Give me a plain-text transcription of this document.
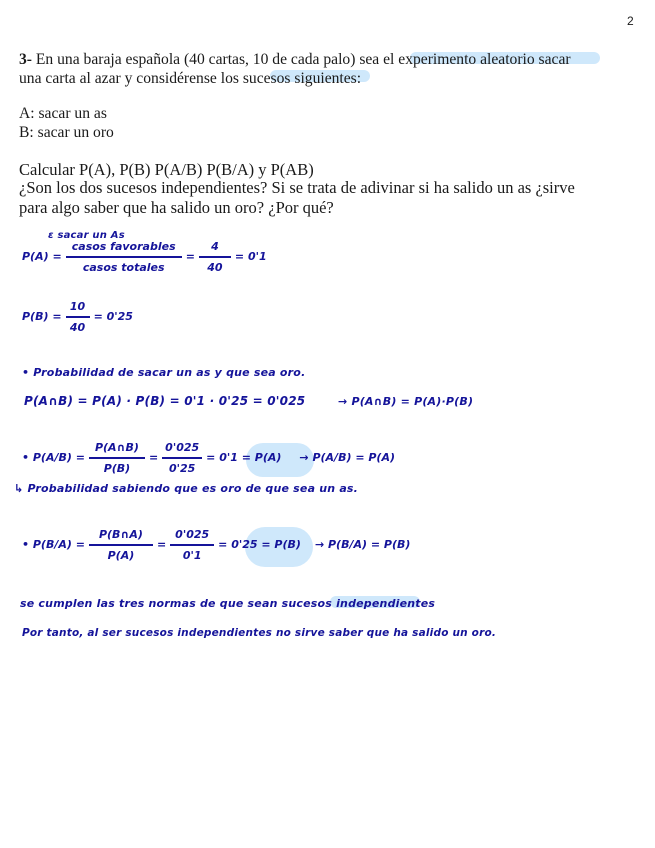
2
3- En una baraja española (40 cartas, 10 de cada palo) sea el experimento aleatorio sacar
una carta al azar y considérense los sucesos siguientes:
A: sacar un as
B: sacar un oro
Calcular P(A), P(B) P(A/B) P(B/A) y P(AB)
¿Son los dos sucesos independientes? Si se trata de adivinar si ha salido un as ¿sirve
para algo saber que ha salido un oro? ¿Por qué?
ε sacar un As
$P(A) = \frac{\text{casos favorables}}{\text{casos totales}} = \frac{4}{40} = 0'1$
$P(B) = \frac{10}{40} = 0'25$
• Probabilidad de sacar un as y que sea oro.
P(A∩B) = P(A) · P(B) = 0'1 · 0'25 = 0'025	→ P(A∩B) = P(A)·P(B)
• $P(A/B) = \frac{P(A\cap B)}{P(B)} = \frac{0'025}{0'25} = 0'1 = P(A) \to P(A/B) = P(A)$
↳ Probabilidad sabiendo que es oro de que sea un as.
• $P(B/A) = \frac{P(B\cap A)}{P(A)} = \frac{0'025}{0'1} = 0'25 = P(B) \to P(B/A) = P(B)$
se cumplen las tres normas de que sean sucesos independientes
Por tanto, al ser sucesos independientes no sirve saber que ha salido un oro.
